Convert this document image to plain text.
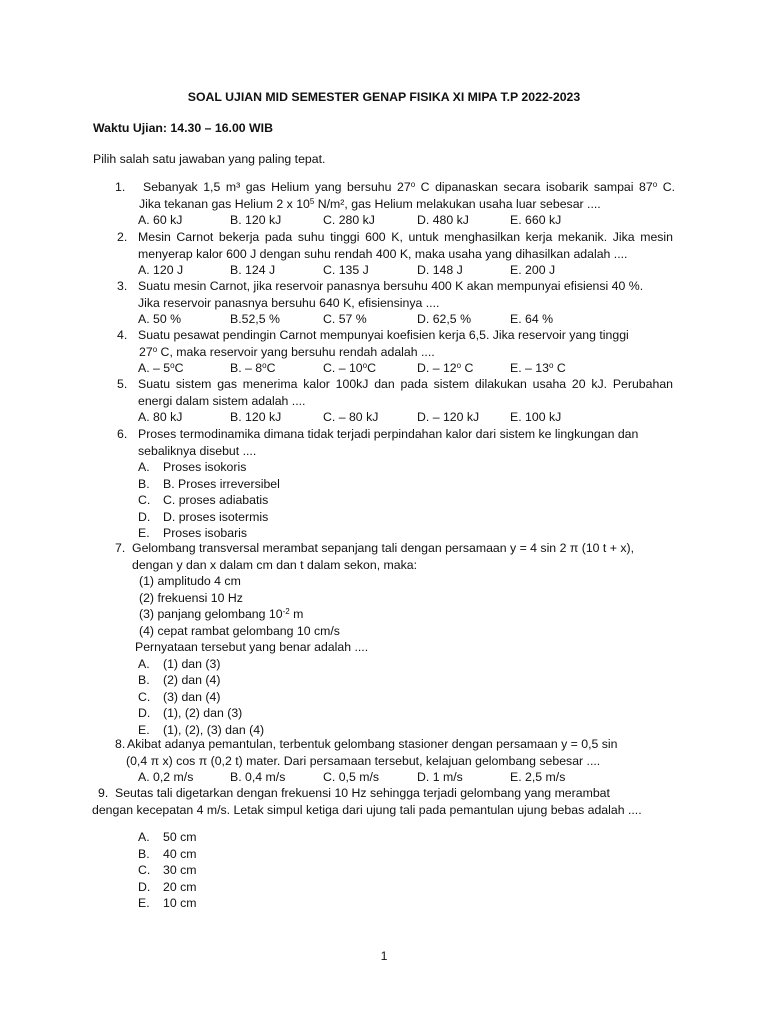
SOAL UJIAN MID SEMESTER GENAP FISIKA XI MIPA T.P 2022-2023
Waktu Ujian: 14.30 – 16.00 WIB
Pilih salah satu jawaban yang paling tepat.
1. Sebanyak 1,5 m³ gas Helium yang bersuhu 27$^o$ C dipanaskan secara isobarik sampai 87$^o$ C.
Jika tekanan gas Helium 2 x $10^5$ N/m², gas Helium melakukan usaha luar sebesar ....
A. 60 kJ	B. 120 kJ	C. 280 kJ	D. 480 kJ	E. 660 kJ
2. Mesin Carnot bekerja pada suhu tinggi 600 K, untuk menghasilkan kerja mekanik. Jika mesin
menyerap kalor 600 J dengan suhu rendah 400 K, maka usaha yang dihasilkan adalah ....
A. 120 J	B. 124 J	C. 135 J	D. 148 J	E. 200 J
3. Suatu mesin Carnot, jika reservoir panasnya bersuhu 400 K akan mempunyai efisiensi 40 %.
Jika reservoir panasnya bersuhu 640 K, efisiensinya ....
A. 50 %	B.52,5 %	C. 57 %	D. 62,5 %	E. 64 %
4. Suatu pesawat pendingin Carnot mempunyai koefisien kerja 6,5. Jika reservoir yang tinggi
27$^o$ C, maka reservoir yang bersuhu rendah adalah ....
A. – 5$^o$C	B. – 8$^o$C	C. – 10$^o$C	D. – 12$^o$ C	E. – 13$^o$ C
5. Suatu sistem gas menerima kalor 100kJ dan pada sistem dilakukan usaha 20 kJ. Perubahan
energi dalam sistem adalah ....
A. 80 kJ	B. 120 kJ	C. – 80 kJ	D. – 120 kJ	E. 100 kJ
6. Proses termodinamika dimana tidak terjadi perpindahan kalor dari sistem ke lingkungan dan
sebaliknya disebut ....
A. Proses isokoris
B. B. Proses irreversibel
C. C. proses adiabatis
D. D. proses isotermis
E. Proses isobaris
7. Gelombang transversal merambat sepanjang tali dengan persamaan y = 4 sin 2 π (10 t + x),
dengan y dan x dalam cm dan t dalam sekon, maka:
(1) amplitudo 4 cm
(2) frekuensi 10 Hz
(3) panjang gelombang $10^{-2}$ m
(4) cepat rambat gelombang 10 cm/s
Pernyataan tersebut yang benar adalah ....
A. (1) dan (3)
B. (2) dan (4)
C. (3) dan (4)
D. (1), (2) dan (3)
E. (1), (2), (3) dan (4)
8. Akibat adanya pemantulan, terbentuk gelombang stasioner dengan persamaan y = 0,5 sin
(0,4 π x) cos π (0,2 t) mater. Dari persamaan tersebut, kelajuan gelombang sebesar ....
A. 0,2 m/s	B. 0,4 m/s	C. 0,5 m/s	D. 1 m/s	E. 2,5 m/s
9. Seutas tali digetarkan dengan frekuensi 10 Hz sehingga terjadi gelombang yang merambat
dengan kecepatan 4 m/s. Letak simpul ketiga dari ujung tali pada pemantulan ujung bebas adalah ....
A. 50 cm
B. 40 cm
C. 30 cm
D. 20 cm
E. 10 cm
1
